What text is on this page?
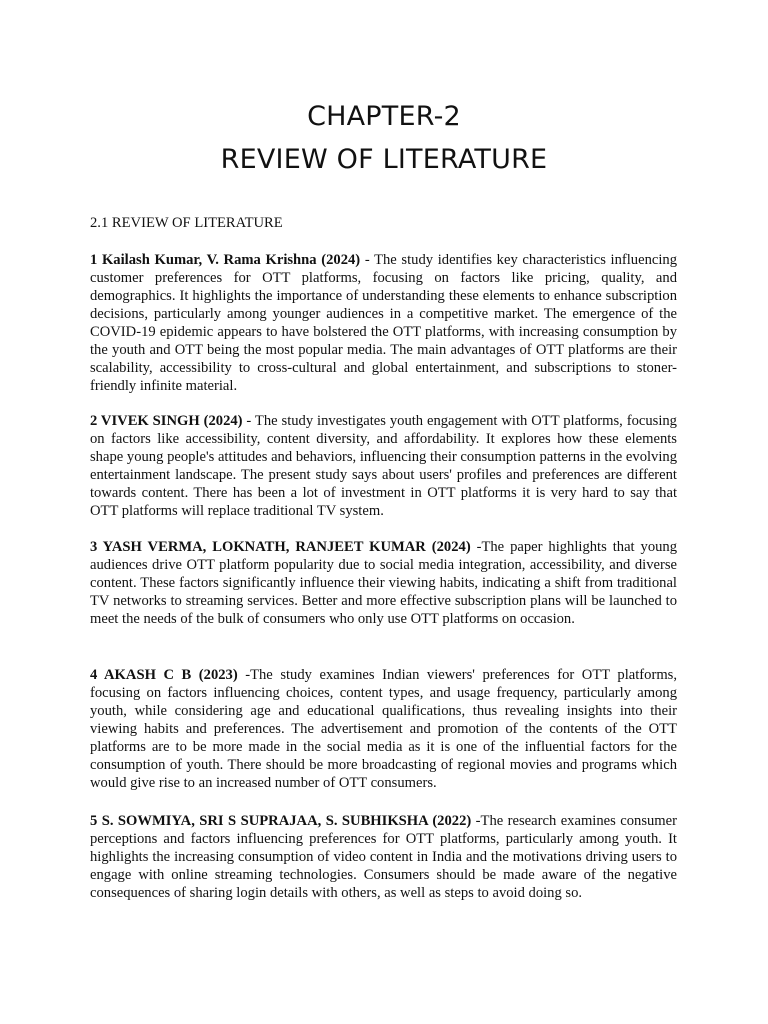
CHAPTER-2
REVIEW OF LITERATURE
2.1 REVIEW OF LITERATURE

1 Kailash Kumar, V. Rama Krishna (2024) - The study identifies key characteristics influencing customer preferences for OTT platforms, focusing on factors like pricing, quality, and demographics. It highlights the importance of understanding these elements to enhance subscription decisions, particularly among younger audiences in a competitive market. The emergence of the COVID-19 epidemic appears to have bolstered the OTT platforms, with increasing consumption by the youth and OTT being the most popular media. The main advantages of OTT platforms are their scalability, accessibility to cross-cultural and global entertainment, and subscriptions to stoner-friendly infinite material.

2 VIVEK SINGH (2024) - The study investigates youth engagement with OTT platforms, focusing on factors like accessibility, content diversity, and affordability. It explores how these elements shape young people's attitudes and behaviors, influencing their consumption patterns in the evolving entertainment landscape. The present study says about users' profiles and preferences are different towards content. There has been a lot of investment in OTT platforms it is very hard to say that OTT platforms will replace traditional TV system.

3 YASH VERMA, LOKNATH, RANJEET KUMAR (2024) -The paper highlights that young audiences drive OTT platform popularity due to social media integration, accessibility, and diverse content. These factors significantly influence their viewing habits, indicating a shift from traditional TV networks to streaming services. Better and more effective subscription plans will be launched to meet the needs of the bulk of consumers who only use OTT platforms on occasion.

4 AKASH C B (2023) -The study examines Indian viewers' preferences for OTT platforms, focusing on factors influencing choices, content types, and usage frequency, particularly among youth, while considering age and educational qualifications, thus revealing insights into their viewing habits and preferences. The advertisement and promotion of the contents of the OTT platforms are to be more made in the social media as it is one of the influential factors for the consumption of youth. There should be more broadcasting of regional movies and programs which would give rise to an increased number of OTT consumers.

5 S. SOWMIYA, SRI S SUPRAJAA, S. SUBHIKSHA (2022) -The research examines consumer perceptions and factors influencing preferences for OTT platforms, particularly among youth. It highlights the increasing consumption of video content in India and the motivations driving users to engage with online streaming technologies. Consumers should be made aware of the negative consequences of sharing login details with others, as well as steps to avoid doing so.
